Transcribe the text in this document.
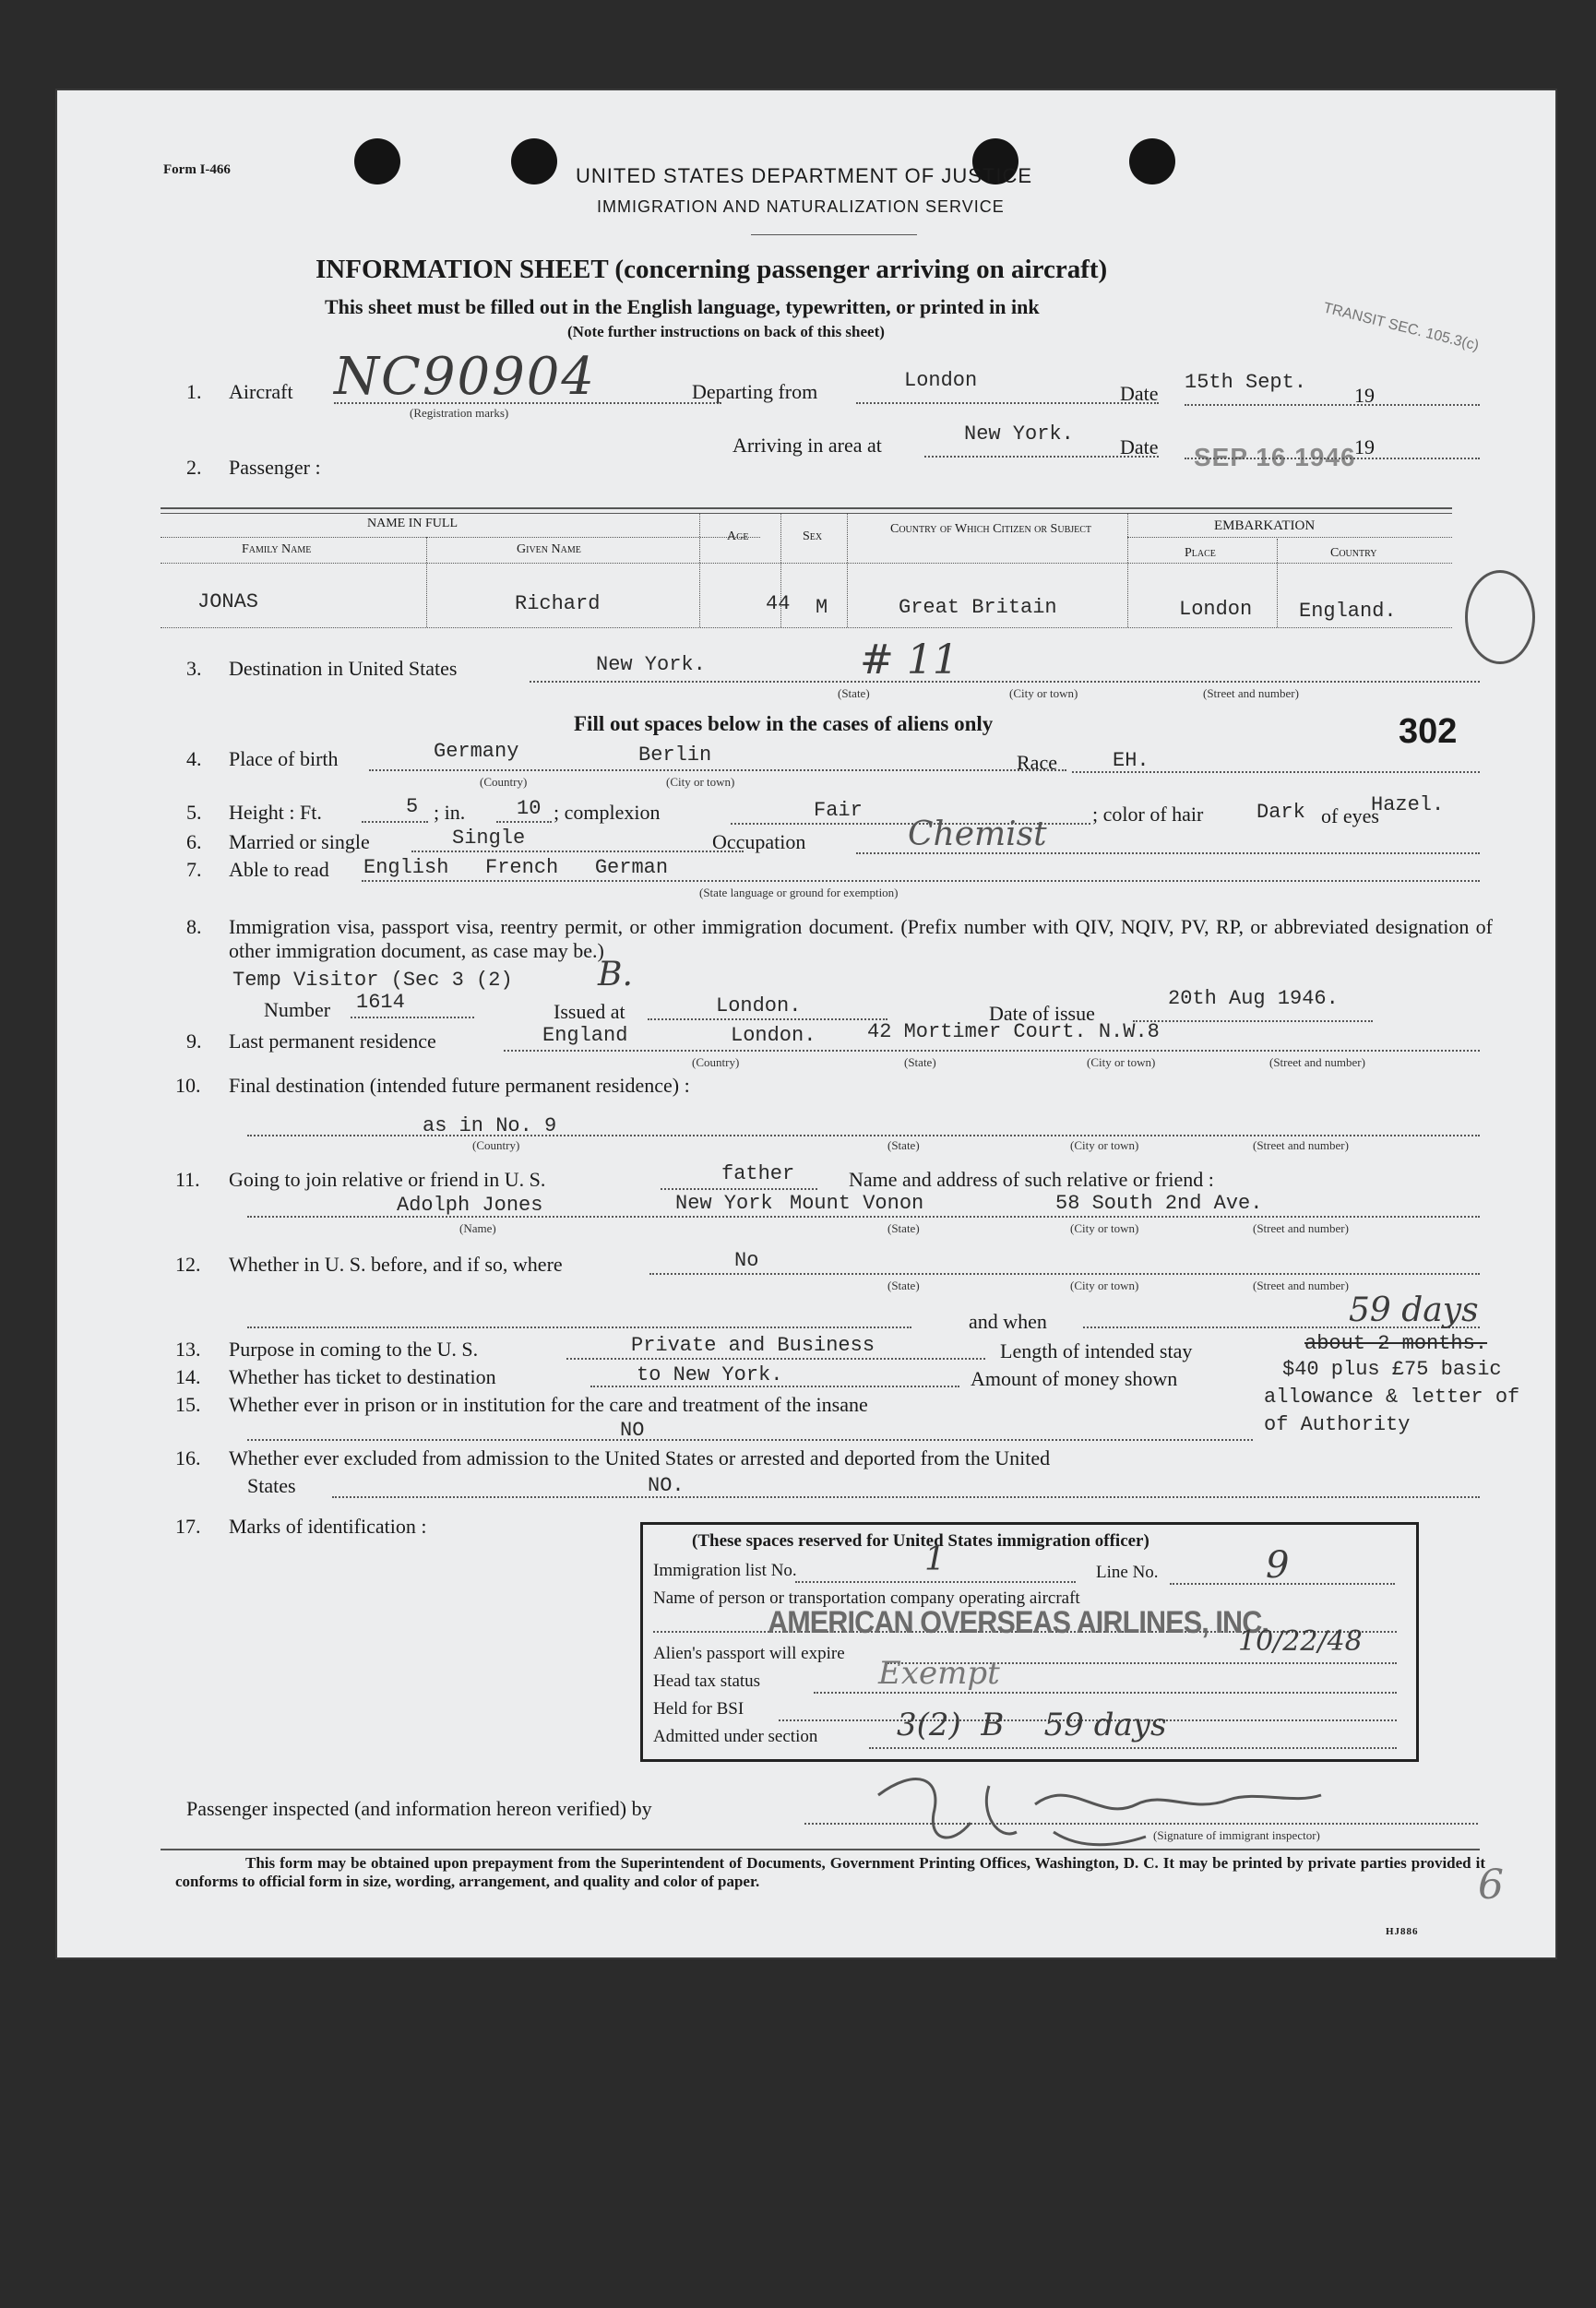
Form I-466	UNITED STATES DEPARTMENT OF JUSTICE
IMMIGRATION AND NATURALIZATION SERVICE
INFORMATION SHEET (concerning passenger arriving on aircraft)
This sheet must be filled out in the English language, typewritten, or printed in ink
(Note further instructions on back of this sheet)	TRANSIT SEC. 105.3(c)
1. Aircraft NC90904
(Registration marks)
Departing from	London
Date 15th Sept.
19
Arriving in area at	New York.
Date SEP 16 1946
19
2. Passenger :
NAME IN FULL
Family Name	Given Name
Age	Sex
Country of Which Citizen or Subject	EMBARKATION
Place	Country
JONAS	Richard	44 M	Great Britain	London England.
3. Destination in United States	New York.	# 11
(State)	(City or town)	(Street and number)
302
Fill out spaces below in the cases of aliens only
4. Place of birth	Germany	Berlin
(Country)	(City or town)
Race	EH.
5. Height : Ft.	5 ; in.	10 ; complexion	Fair	; color of hair	Dark of eyes
Hazel.
6. Married or single	Single	Occupation	Chemist
7. Able to read English   French   German
(State language or ground for exemption)
8. Immigration visa, passport visa, reentry permit, or other immigration document. (Prefix number with QIV, NQIV, PV, RP, or abbreviated designation of other immigration document, as case may be.)
Temp Visitor (Sec 3 (2)	B.
Number 1614	Issued at	London.	Date of issue
20th Aug 1946.
9. Last permanent residence	England	London.	42 Mortimer Court. N.W.8
(Country)	(State)	(City or town)	(Street and number)
10. Final destination (intended future permanent residence) :
as in No. 9
(Country)	(State)	(City or town)	(Street and number)
11. Going to join relative or friend in U. S.	father	Name and address of such relative or friend :
Adolph Jones	New York Mount Vonon	58 South 2nd Ave.
(Name)	(State)	(City or town)	(Street and number)
12. Whether in U. S. before, and if so, where	No
(State)	(City or town)	(Street and number)
and when
13. Purpose in coming to the U. S.	Private and Business	Length of intended stay	about 2 months.
59 days
14. Whether has ticket to destination	to New York.	Amount of money shown	$40 plus £75 basic
15. Whether ever in prison or in institution for the care and treatment of the insane	allowance & letter of
of Authority
NO
16. Whether ever excluded from admission to the United States or arrested and deported from the United
States	NO.
17. Marks of identification :
(These spaces reserved for United States immigration officer)
Immigration list No.	1	Line No.	9
Name of person or transportation company operating aircraft
AMERICAN OVERSEAS AIRLINES, INC.
Alien's passport will expire	10/22/48
Head tax status	Exempt
Held for BSI
Admitted under section	3(2)  B    59 days
Passenger inspected (and information hereon verified) by
(Signature of immigrant inspector)
This form may be obtained upon prepayment from the Superintendent of Documents, Government Printing Offices, Washington, D. C. It may be printed by private parties provided it conforms to official form in size, wording, arrangement, and quality and color of paper.	6
HJ886
